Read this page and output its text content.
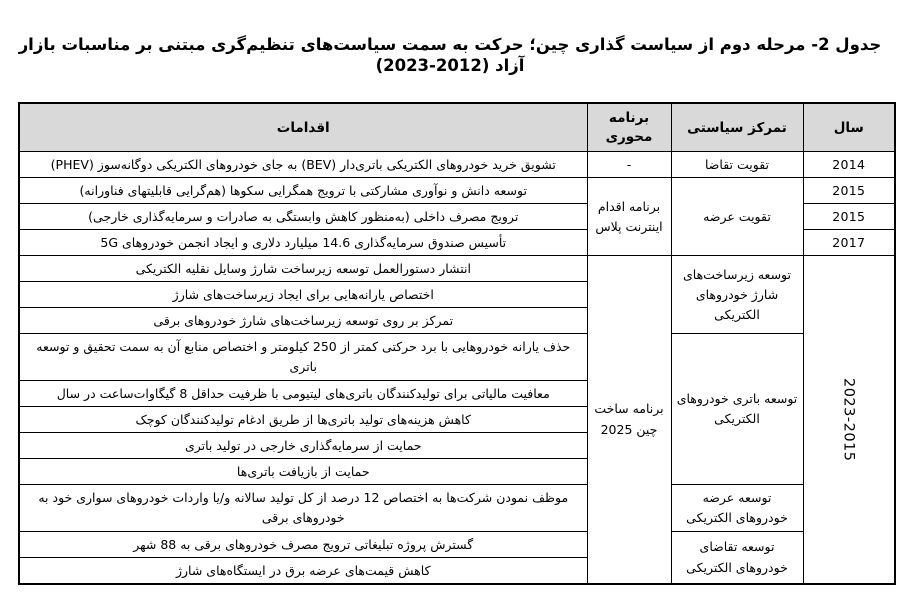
جدول 2- مرحله دوم از سیاست گذاری چین؛ حرکت به سمت سیاست‌های تنظیم‌گری مبتنی بر مناسبات بازار آزاد (2012-2023)
سال	تمرکز سیاستی	برنامه محوری	اقدامات
2014	تقویت تقاضا	-	تشویق خرید خودروهای الکتریکی باتری‌دار (BEV) به جای خودروهای الکتریکی دوگانه‌سوز (PHEV)
2015	تقویت عرضه	برنامه اقدام اینترنت پلاس	توسعه دانش و نوآوری مشارکتی با ترویج همگرایی سکوها (هم‌گرایی قابلیتهای فناورانه)
2015			ترویج مصرف داخلی (به‌منظور کاهش وابستگی به صادرات و سرمایه‌گذاری خارجی)
2017			تأسیس صندوق سرمایه‌گذاری 14.6 میلیارد دلاری و ایجاد انجمن خودروهای 5G
2023-2015	توسعه زیرساخت‌های شارژ خودروهای الکتریکی	برنامه ساخت چین 2025	انتشار دستورالعمل توسعه زیرساخت شارژ وسایل نقلیه الکتریکی
			اختصاص یارانه‌هایی برای ایجاد زیرساخت‌های شارژ
			تمرکز بر روی توسعه زیرساخت‌های شارژ خودروهای برقی
	توسعه باتری خودروهای الکتریکی		حذف یارانه خودروهایی با برد حرکتی کمتر از 250 کیلومتر و اختصاص منابع آن به سمت تحقیق و توسعه باتری
			معافیت مالیاتی برای تولیدکنندگان باتری‌های لیتیومی با ظرفیت حداقل 8 گیگاوات‌ساعت در سال
			کاهش هزینه‌های تولید باتری‌ها از طریق ادغام تولیدکنندگان کوچک
			حمایت از سرمایه‌گذاری خارجی در تولید باتری
			حمایت از بازیافت باتری‌ها
	توسعه عرضه خودروهای الکتریکی		موظف نمودن شرکت‌ها به اختصاص 12 درصد از کل تولید سالانه و/یا واردات خودروهای سواری خود به خودروهای برقی
	توسعه تقاضای خودروهای الکتریکی		گسترش پروژه تبلیغاتی ترویج مصرف خودروهای برقی به 88 شهر
			کاهش قیمت‌های عرضه برق در ایستگاه‌های شارژ
